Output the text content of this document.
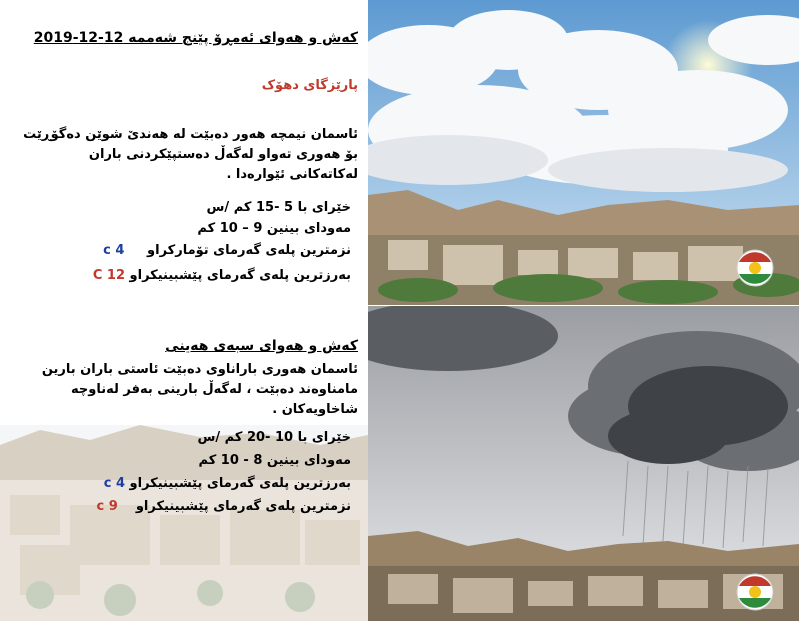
کەش و هەوای ئەمڕۆ پێنج شەممە 12-12-2019
پارێزگای دهۆک
ئاسمان نیمچە هەور دەبێت لە هەندێ شوێن دەگۆڕێت بۆ هەوری تەواو لەگەڵ دەستپێکردنی باران لەکاتەکانی ئێوارەدا .
خێرای با 5 -15 کم /س
مەودای بینین 9 – 10 کم
نزمترین پلەی گەرمای تۆمارکراو     4 c
بەرزترین پلەی گەرمای پێشبینیکراو 12 C
کەش و هەوای سبەی هەینی
ئاسمان هەوری باراناوی دەبێت ئاستی باران بارین مامناوەند دەبێت ، لەگەڵ بارینی بەفر لەناوچە شاخاویەکان .
خێرای با 10 -20 کم /س
مەودای بینین 8 - 10 کم
بەرزترین پلەی گەرمای پێشبینیکراو 4 c
نزمترین پلەی گەرمای پێشبینیکراو    9 c
